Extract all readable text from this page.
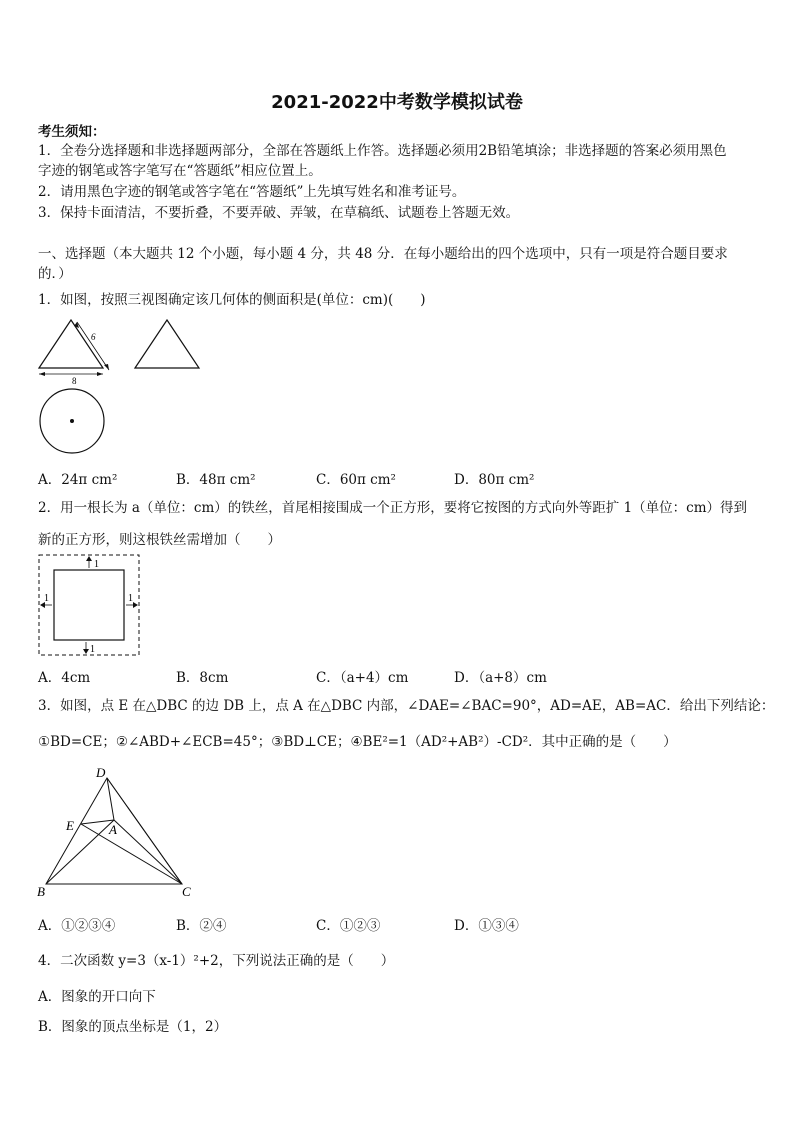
2021-2022中考数学模拟试卷
考生须知：
1．全卷分选择题和非选择题两部分，全部在答题纸上作答。选择题必须用2B铅笔填涂；非选择题的答案必须用黑色
字迹的钢笔或答字笔写在“答题纸”相应位置上。
2．请用黑色字迹的钢笔或答字笔在“答题纸”上先填写姓名和准考证号。
3．保持卡面清洁，不要折叠，不要弄破、弄皱，在草稿纸、试题卷上答题无效。
一、选择题（本大题共 12 个小题，每小题 4 分，共 48 分．在每小题给出的四个选项中，只有一项是符合题目要求
的．）
1．如图，按照三视图确定该几何体的侧面积是(单位：cm)(　　)
6
8
A．24π cm²	B．48π cm²	C．60π cm²	D．80π cm²
2．用一根长为 a（单位：cm）的铁丝，首尾相接围成一个正方形，要将它按图的方式向外等距扩 1（单位：cm）得到
新的正方形，则这根铁丝需增加（　　）
1
1	1
1
A．4cm	B．8cm	C．（a+4）cm	D．（a+8）cm
3．如图，点 E 在△DBC 的边 DB 上，点 A 在△DBC 内部，∠DAE=∠BAC=90°，AD=AE，AB=AC．给出下列结论：
①BD=CE；②∠ABD+∠ECB=45°；③BD⊥CE；④BE²=1（AD²+AB²）-CD²．其中正确的是（　　）
D
E	A
B	C
A．①②③④	B．②④	C．①②③	D．①③④
4．二次函数 y=3（x-1）²+2，下列说法正确的是（　　）
A．图象的开口向下
B．图象的顶点坐标是（1，2）
